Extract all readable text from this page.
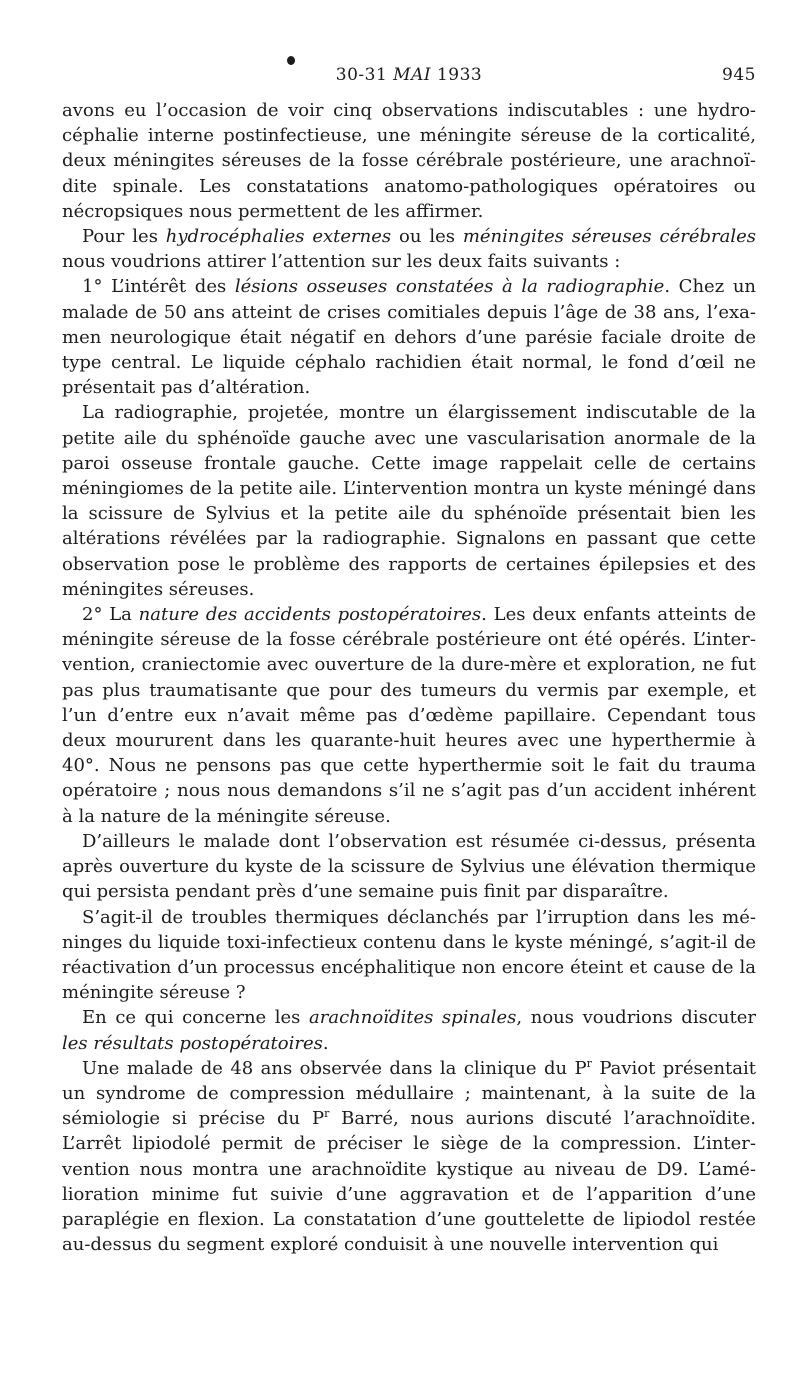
30-31 MAI 1933	945

avons eu l’occasion de voir cinq observations indiscutables : une hydrocéphalie interne postinfectieuse, une méningite séreuse de la corticalité, deux méningites séreuses de la fosse cérébrale postérieure, une arachnoïdite spinale. Les constatations anatomo-pathologiques opératoires ou nécropsiques nous permettent de les affirmer.

Pour les hydrocéphalies externes ou les méningites séreuses cérébrales nous voudrions attirer l’attention sur les deux faits suivants :

1° L’intérêt des lésions osseuses constatées à la radiographie. Chez un malade de 50 ans atteint de crises comitiales depuis l’âge de 38 ans, l’examen neurologique était négatif en dehors d’une parésie faciale droite de type central. Le liquide céphalo rachidien était normal, le fond d’œil ne présentait pas d’altération.

La radiographie, projetée, montre un élargissement indiscutable de la petite aile du sphénoïde gauche avec une vascularisation anormale de la paroi osseuse frontale gauche. Cette image rappelait celle de certains méningiomes de la petite aile. L’intervention montra un kyste méningé dans la scissure de Sylvius et la petite aile du sphénoïde présentait bien les altérations révélées par la radiographie. Signalons en passant que cette observation pose le problème des rapports de certaines épilepsies et des méningites séreuses.

2° La nature des accidents postopératoires. Les deux enfants atteints de méningite séreuse de la fosse cérébrale postérieure ont été opérés. L’intervention, craniectomie avec ouverture de la dure-mère et exploration, ne fut pas plus traumatisante que pour des tumeurs du vermis par exemple, et l’un d’entre eux n’avait même pas d’œdème papillaire. Cependant tous deux moururent dans les quarante-huit heures avec une hyperthermie à 40°. Nous ne pensons pas que cette hyperthermie soit le fait du trauma opératoire ; nous nous demandons s’il ne s’agit pas d’un accident inhérent à la nature de la méningite séreuse.

D’ailleurs le malade dont l’observation est résumée ci-dessus, présenta après ouverture du kyste de la scissure de Sylvius une élévation thermique qui persista pendant près d’une semaine puis finit par disparaître.

S’agit-il de troubles thermiques déclanchés par l’irruption dans les méninges du liquide toxi-infectieux contenu dans le kyste méningé, s’agit-il de réactivation d’un processus encéphalitique non encore éteint et cause de la méningite séreuse ?

En ce qui concerne les arachnoïdites spinales, nous voudrions discuter les résultats postopératoires.

Une malade de 48 ans observée dans la clinique du $P^r$ Paviot présentait un syndrome de compression médullaire ; maintenant, à la suite de la sémiologie si précise du $P^r$ Barré, nous aurions discuté l’arachnoïdite. L’arrêt lipiodolé permit de préciser le siège de la compression. L’intervention nous montra une arachnoïdite kystique au niveau de D9. L’amélioration minime fut suivie d’une aggravation et de l’apparition d’une paraplégie en flexion. La constatation d’une gouttelette de lipiodol restée au-dessus du segment exploré conduisit à une nouvelle intervention qui
